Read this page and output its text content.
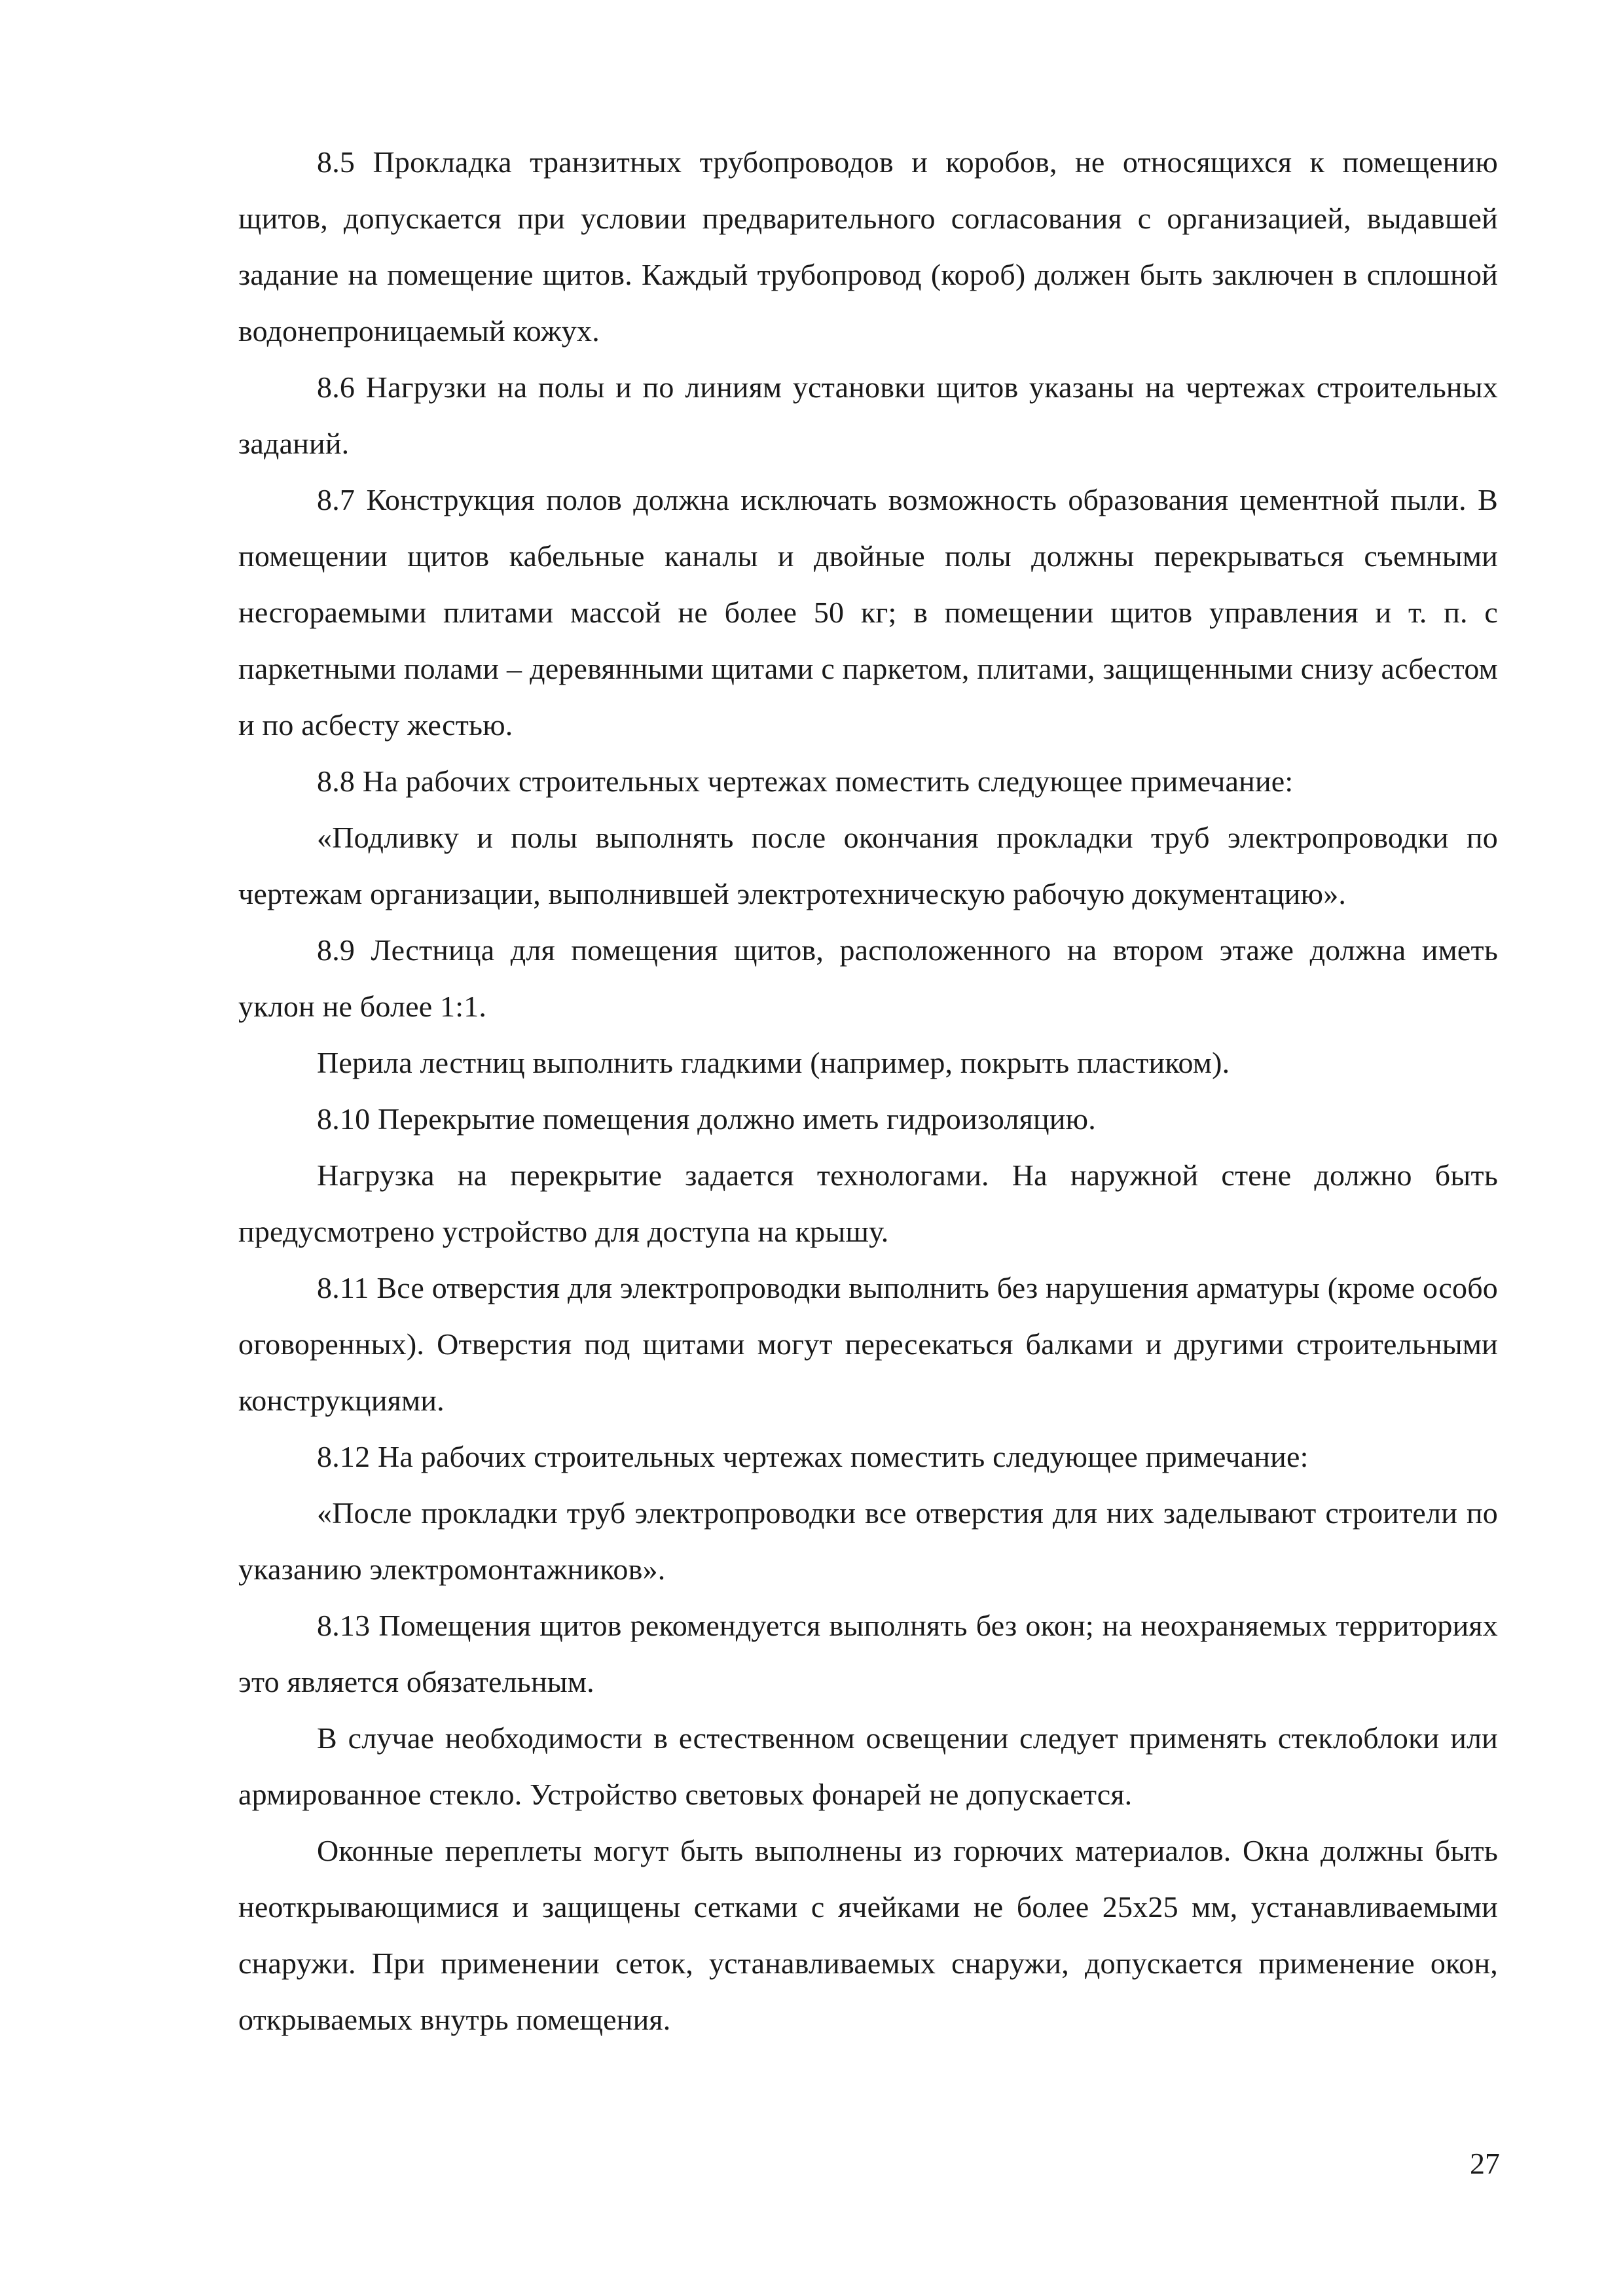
8.5 Прокладка транзитных трубопроводов и коробов, не относящихся к помещению щитов, допускается при условии предварительного согласования с организацией, выдавшей задание на помещение щитов. Каждый трубопровод (короб) должен быть заключен в сплошной водонепроницаемый кожух.

8.6 Нагрузки на полы и по линиям установки щитов указаны на чертежах строительных заданий.

8.7 Конструкция полов должна исключать возможность образования цементной пыли. В помещении щитов кабельные каналы и двойные полы должны перекрываться съемными несгораемыми плитами массой не более 50 кг; в помещении щитов управления и т. п. с паркетными полами – деревянными щитами с паркетом, плитами, защищенными снизу асбестом и по асбесту жестью.

8.8 На рабочих строительных чертежах поместить следующее примечание:

«Подливку и полы выполнять после окончания прокладки труб электропроводки по чертежам организации, выполнившей электротехническую рабочую документацию».

8.9 Лестница для помещения щитов, расположенного на втором этаже должна иметь уклон не более 1:1.

Перила лестниц выполнить гладкими (например, покрыть пластиком).

8.10 Перекрытие помещения должно иметь гидроизоляцию.

Нагрузка на перекрытие задается технологами. На наружной стене должно быть предусмотрено устройство для доступа на крышу.

8.11 Все отверстия для электропроводки выполнить без нарушения арматуры (кроме особо оговоренных). Отверстия под щитами могут пересекаться балками и другими строительными конструкциями.

8.12 На рабочих строительных чертежах поместить следующее примечание:

«После прокладки труб электропроводки все отверстия для них заделывают строители по указанию электромонтажников».

8.13 Помещения щитов рекомендуется выполнять без окон; на неохраняемых территориях это является обязательным.

В случае необходимости в естественном освещении следует применять стеклоблоки или армированное стекло. Устройство световых фонарей не допускается.

Оконные переплеты могут быть выполнены из горючих материалов. Окна должны быть неоткрывающимися и защищены сетками с ячейками не более 25х25 мм, устанавливаемыми снаружи. При применении сеток, устанавливаемых снаружи, допускается применение окон, открываемых внутрь помещения.

27
